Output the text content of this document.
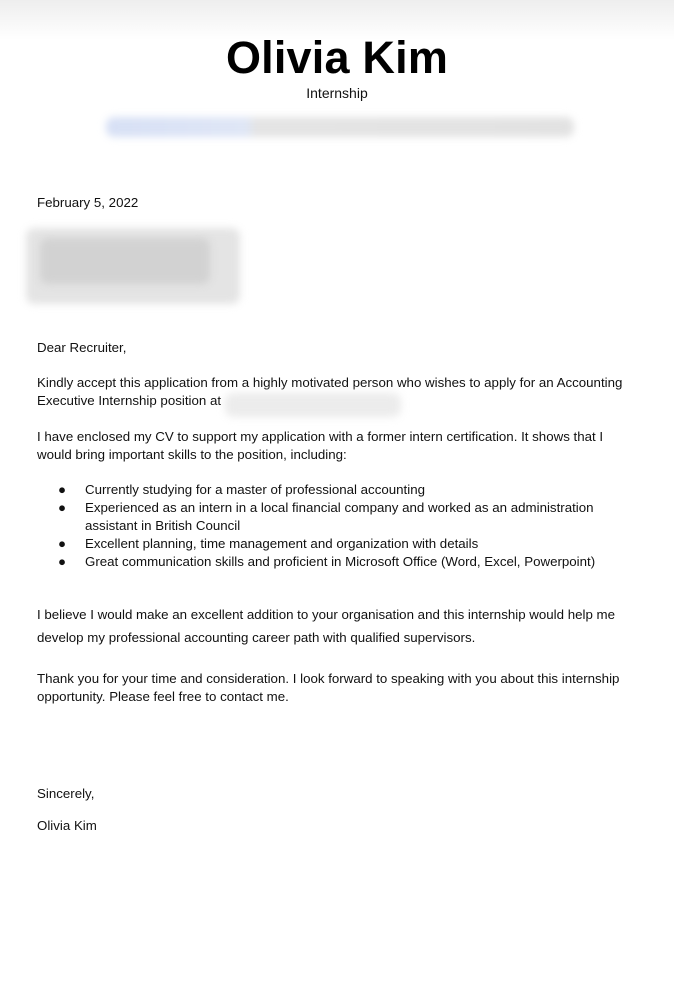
Olivia Kim
Internship

February 5, 2022

Dear Recruiter,

Kindly accept this application from a highly motivated person who wishes to apply for an Accounting Executive Internship position at

I have enclosed my CV to support my application with a former intern certification. It shows that I would bring important skills to the position, including:

● Currently studying for a master of professional accounting
● Experienced as an intern in a local financial company and worked as an administration assistant in British Council
● Excellent planning, time management and organization with details
● Great communication skills and proficient in Microsoft Office (Word, Excel, Powerpoint)

I believe I would make an excellent addition to your organisation and this internship would help me develop my professional accounting career path with qualified supervisors.

Thank you for your time and consideration. I look forward to speaking with you about this internship opportunity. Please feel free to contact me.

Sincerely,

Olivia Kim
